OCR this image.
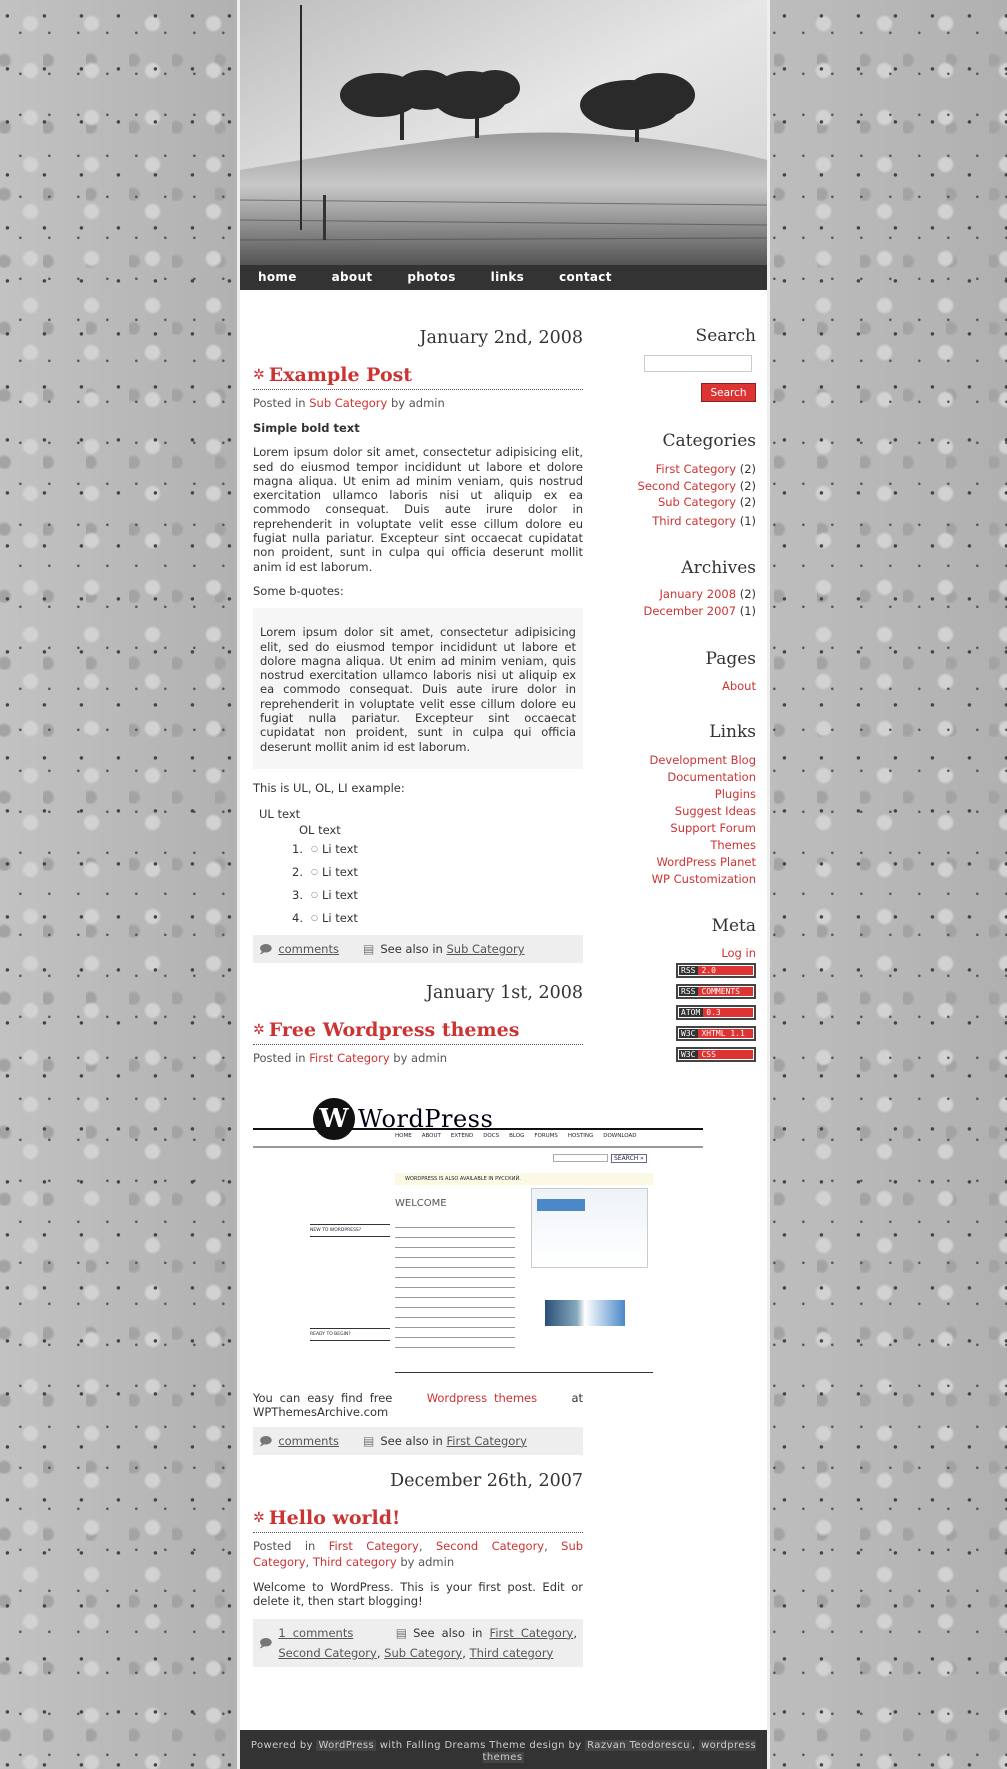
home	about	photos	links	contact
January 2nd, 2008
✲ Example Post
Posted in Sub Category by admin

Simple bold text

Lorem ipsum dolor sit amet, consectetur adipisicing elit, sed do eiusmod tempor incididunt ut labore et dolore magna aliqua. Ut enim ad minim veniam, quis nostrud exercitation ullamco laboris nisi ut aliquip ex ea commodo consequat. Duis aute irure dolor in reprehenderit in voluptate velit esse cillum dolore eu fugiat nulla pariatur. Excepteur sint occaecat cupidatat non proident, sunt in culpa qui officia deserunt mollit anim id est laborum.

Some b-quotes:

Lorem ipsum dolor sit amet, consectetur adipisicing elit, sed do eiusmod tempor incididunt ut labore et dolore magna aliqua. Ut enim ad minim veniam, quis nostrud exercitation ullamco laboris nisi ut aliquip ex ea commodo consequat. Duis aute irure dolor in reprehenderit in voluptate velit esse cillum dolore eu fugiat nulla pariatur. Excepteur sint occaecat cupidatat non proident, sunt in culpa qui officia deserunt mollit anim id est laborum.

This is UL, OL, LI example:

UL text
OL text
1.	○ Li text
2.	○ Li text
3.	○ Li text
4.	○ Li text
🗩 comments ▤ See also in
Sub Category
January 1st, 2008
✲ Free Wordpress themes
Posted in First Category by admin
W WordPress
HOME ABOUT EXTEND DOCS BLOG FORUMS HOSTING DOWNLOAD
SEARCH »
WORDPRESS IS ALSO AVAILABLE IN РУССКИЙ.
WELCOME
NEW TO WORDPRESS?
READY TO BEGIN?

You can easy find free	Wordpress themes	at WPThemesArchive.com

🗩 comments ▤ See also in
First Category
December 26th, 2007
✲ Hello world!
Posted in First Category, Second Category, Sub Category, Third category by admin

Welcome to WordPress. This is your first post. Edit or delete it, then start blogging!

🗩
1 comments	▤ See also in First Category, Second Category, Sub Category, Third category
Search
Search
Categories
First Category (2)
Second Category (2)
Sub Category (2)
Third category (1)
Archives
January 2008 (2)
December 2007 (1)
Pages
About
Links
Development Blog
Documentation
Plugins
Suggest Ideas
Support Forum
Themes
WordPress Planet
WP Customization
Meta
Log in
RSS 2.0
RSS COMMENTS
ATOM 0.3
W3C XHTML 1.1
W3C CSS
Powered by WordPress with Falling Dreams Theme design by Razvan Teodorescu , wordpress themes
